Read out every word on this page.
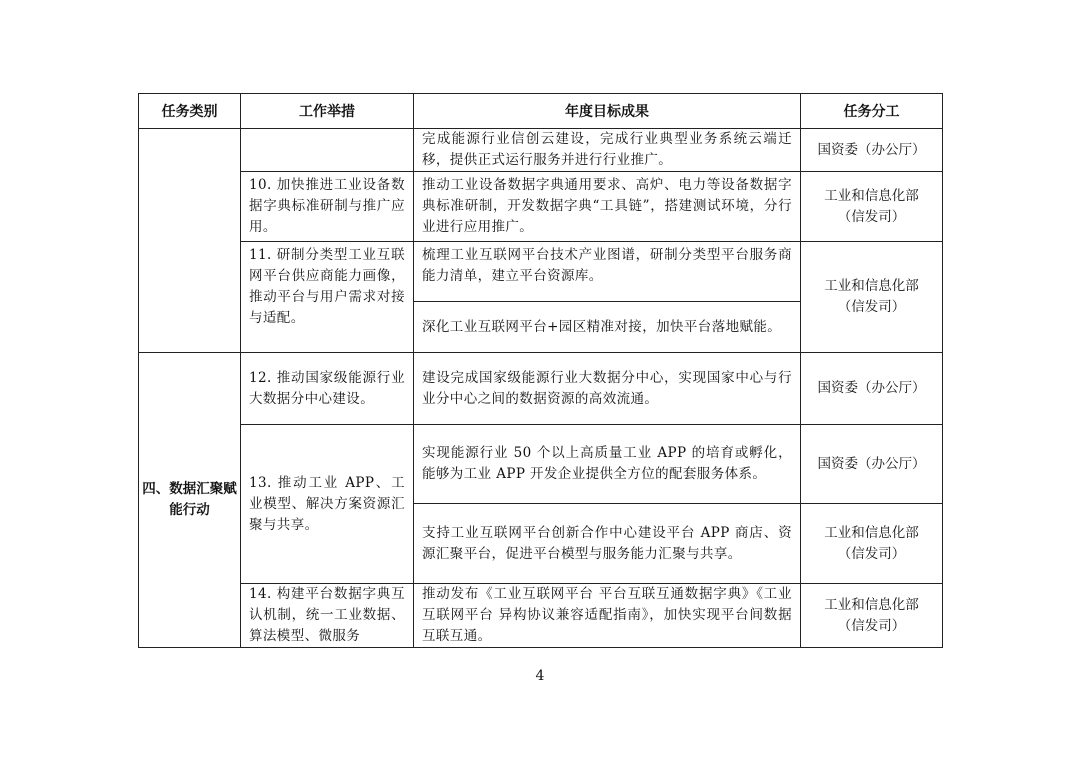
任务类别	工作举措	年度目标成果	任务分工

		完成能源行业信创云建设，完成行业典型业务系统云端迁移，提供正式运行服务并进行行业推广。	国资委（办公厅）

	10. 加快推进工业设备数据字典标准研制与推广应用。	推动工业设备数据字典通用要求、高炉、电力等设备数据字典标准研制，开发数据字典“工具链”，搭建测试环境，分行业进行应用推广。	工业和信息化部
（信发司）

	11. 研制分类型工业互联网平台供应商能力画像，推动平台与用户需求对接与适配。	梳理工业互联网平台技术产业图谱，研制分类型平台服务商能力清单，建立平台资源库。	工业和信息化部
（信发司）

		深化工业互联网平台+园区精准对接，加快平台落地赋能。	

四、数据汇聚赋能行动	12. 推动国家级能源行业大数据分中心建设。	建设完成国家级能源行业大数据分中心，实现国家中心与行业分中心之间的数据资源的高效流通。	国资委（办公厅）

	13. 推动工业 APP、工业模型、解决方案资源汇聚与共享。	实现能源行业 50 个以上高质量工业 APP 的培育或孵化，能够为工业 APP 开发企业提供全方位的配套服务体系。	国资委（办公厅）

		支持工业互联网平台创新合作中心建设平台 APP 商店、资源汇聚平台，促进平台模型与服务能力汇聚与共享。	工业和信息化部
（信发司）

	14. 构建平台数据字典互认机制，统一工业数据、算法模型、微服务	推动发布《工业互联网平台 平台互联互通数据字典》《工业互联网平台 异构协议兼容适配指南》，加快实现平台间数据互联互通。	工业和信息化部
（信发司）
4
